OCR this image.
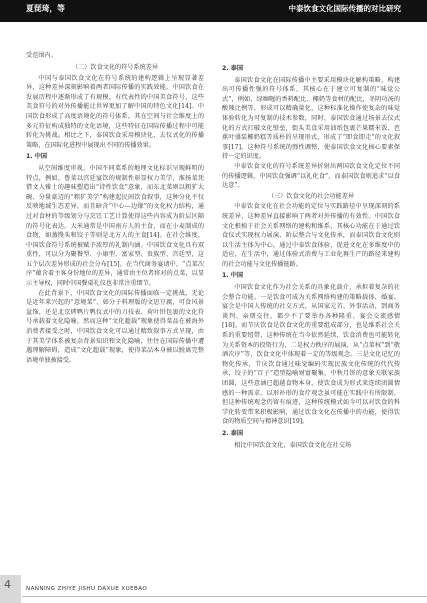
夏琵琦，等	中泰饮食文化国际传播的对比研究
受范围内。
（二）饮食文化的符号系统差异

中国与泰国饮食文化在符号系统的建构逻辑上呈现显著差异，这种差异深刻影响着两者国际传播的实践效能。中国饮食在发展历程中逐渐形成了有规模、有代表性的中国美食符号，这些美食符号的对外传播能让世界更加了解中国的特色文化[14]。中国饮食形成了高度语境化的符号体系，其在空间与社会维度上的多元符征构成独特的文化语境，这些特征在国际传播过程中可能转化为挑战。相比之下，泰国饮食采用模块化、去仪式化的传播策略，在国际化进程中展现出不同的传播效果。

1. 中国

从空间维度审视，中国不同菜系的地理文化标识呈现鲜明的特点，例如，鲁菜以宫廷宴饮的规制性彰显权力美学，淮扬菜凭借文人雅士的趣味塑造出“诗性饮食”意象，而东北菜则以粗犷大碗、分量豪迈的“粗犷美学”构建起民间饮食叙事，这种分化不仅反映地域生态差异，而且暗含“中心—边缘”的文化权力结构，通过对食材的等级划分与烹饪工艺计算使得这些内容成为阶层区隔的符号化表达。大米通常是中国南方人的主食，而在小麦制成的食物，如蒸馒头和饺子等则是北方人的主食[14]。在社会维度，中国饮食符号系统被赋予浓厚的礼制内涵。中国饮食文化具有双重性，可以分为聚餐型、小康型、富家型、贵族型、宫廷型，这五个层次差异形成的社会分布[15]。在当代商务宴请中，“点菜次序”蕴含着主客身份地位的差异，通常由主位者将对的点菜，以显示主导权，同时中国餐桌礼仪也非常注重细节。

在此背景下，中国饮食文化的国际传播面临一定挑战，无论是近年来兴起的“意境菜”，如分子料理版的文思豆腐，可食风景盆饰，还是北京烤鸭片鸭仪式中的刀技表、荷叶饼包裹的文化符号承载着文化隐喻。然而这种“文化超载”现象使得菜品在被海外消费者接受之时，中国饮食文化可以通过精致叙事方式呈现，由于其美学体系被复杂背景知识和文化隐喻，往往在国际传播中遭遇理解障碍，造成“文化超载”现象，使得菜品本身被以脱离完整语境单独被接受。

2. 泰国

泰国饮食文化在国际传播中主要采用模块化解构策略，构建出可传播性强的符号体系，其核心在于建立可复制的“味觉公式”，例如，绿咖喱的香料配比、椰奶等食材的配比，冬阴功汤的酸辣比例等，形成可以精确量化，这种标准化操作使复杂的味觉体验转化为可复制的技术参数，同时，泰国饮食通过场景去仪式化的方式打破文化壁垒，街头美食采用油纸包裹芒果糯米饭、芭蕉叶盛装椰奶糕等质朴的呈现形式，形成了“即食即走”的文化叙事[17]。这种符号系统的弹性调整，使泰国饮食文化核心要素保持一定的识度。

中泰饮食文化的符号系统差异折射出两国饮食文化定位不同的传播逻辑，中国饮食强调“以礼化食”，而泰国饮食则追求“以食达意”。

（三）饮食文化的社会功能差异

中泰饮食文化在社会功能的定位与实践路径中呈现深刻的系统差异，这种差异直接影响了两者对外传播的有效性。中国饮食文化根植于社会关系网络的建构和维系，其核心功能在于通过饮食仪式实现权力展演、阶层整合与文化传承，而泰国饮食文化则以生活主体为中心，通过中泰饮食体验，促进文化在多维度中的适应，在生活中，通过体验式消费与工业化再生产的路径来建构的社会功能与文化传播链路。

1. 中国

中国饮食文化作为社会关系的具象化载介，承担着复杂的社会整合功能。一是饮食可成为关系网络构建的策略载体，婚宴、宴会是中国人传统的社交方式，从国家元首、外事活动，到商务谈判、亲朋交往，都少不了要举办各种隆重、宴会交流感情[18]。而节庆饮食是饮食文化的重要组成部分，也是维系社会关系的重要纽带，这种传统在当今依然延续，饮食消费也可能转化为关系资本的投资行为，二是权力秩序的展演，从“点菜权”到“敬酒次序”等，饮食文化中体现着一定的等级观念。三是文化记忆的物化传承，节庆饮食通过味觉编码实现民族文化传统的代代传承，饺子的“百子”造型隐喻财富聚集，中秋月饼的意象关联家族团圆，这些意涵已超越食物本身，使饮食成为形式来连续团圆情感的一种需求。以形补形的食疗观念虽可能在实践中有所限制，但这种传统观念仍留有痕迹，这种传统模式如今可以对饮食的科学化转变带来积极影响，通过饮食文化在传播中的功能，使得饮食的物质空间与精神意识[19]。

2. 泰国

相比中国饮食文化，泰国饮食文化在社交场

4	NANNING ZHIYE JISHU DAXUE XUEBAO
